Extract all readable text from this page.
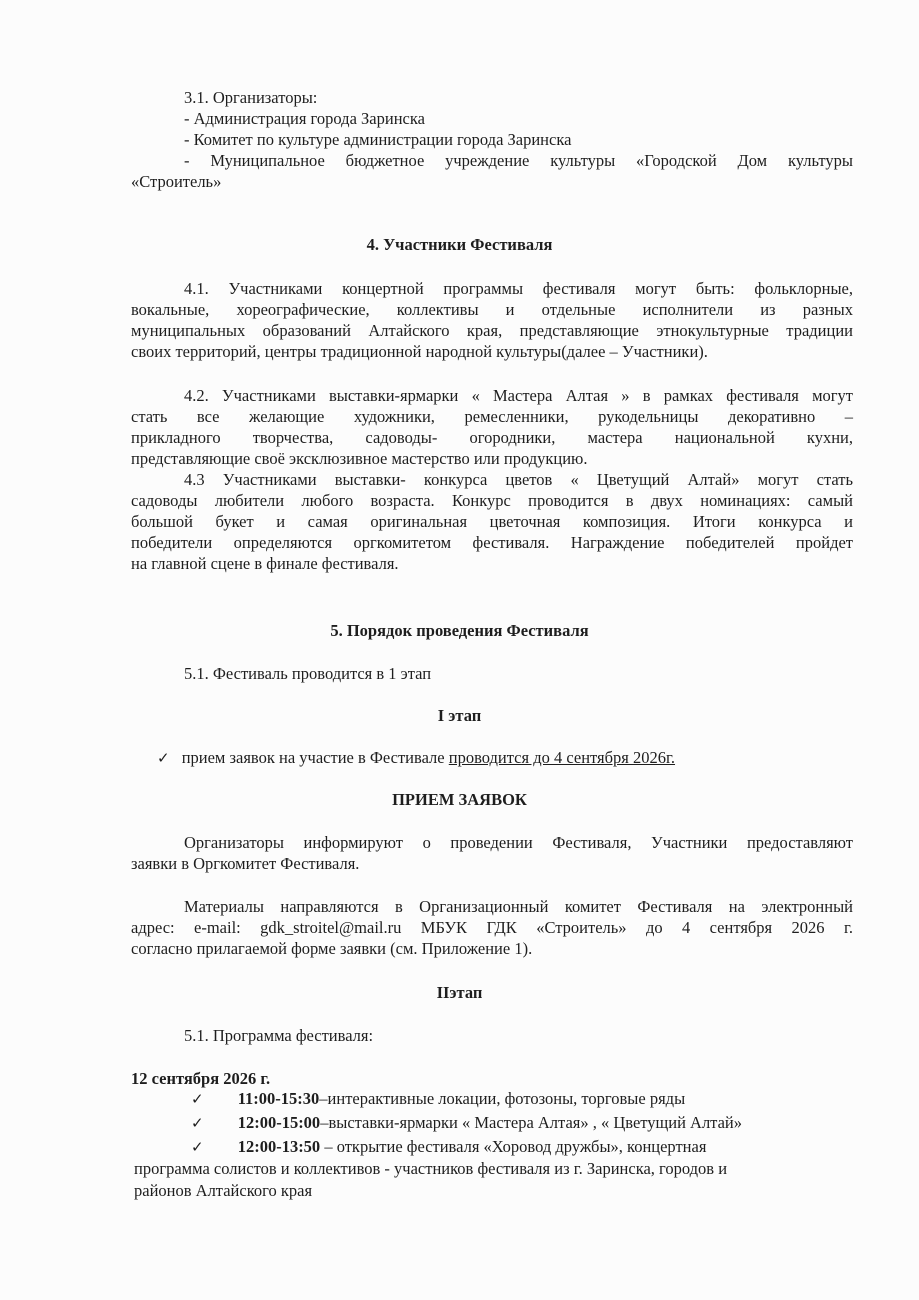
3.1. Организаторы:
- Администрация города Заринска
- Комитет по культуре администрации города Заринска
- Муниципальное бюджетное учреждение культуры «Городской Дом культуры
«Строитель»
4. Участники Фестиваля
4.1. Участниками концертной программы фестиваля могут быть: фольклорные,
вокальные, хореографические, коллективы и отдельные исполнители из разных
муниципальных образований Алтайского края, представляющие этнокультурные традиции
своих территорий, центры традиционной народной культуры(далее – Участники).
4.2. Участниками выставки-ярмарки « Мастера Алтая » в рамках фестиваля могут
стать все желающие художники, ремесленники, рукодельницы декоративно –
прикладного творчества, садоводы- огородники, мастера национальной кухни,
представляющие своё эксклюзивное мастерство или продукцию.
4.3 Участниками выставки- конкурса цветов « Цветущий Алтай» могут стать
садоводы любители любого возраста. Конкурс проводится в двух номинациях: самый
большой букет и самая оригинальная цветочная композиция. Итоги конкурса и
победители определяются оргкомитетом фестиваля. Награждение победителей пройдет
на главной сцене в финале фестиваля.
5. Порядок проведения Фестиваля
5.1. Фестиваль проводится в 1 этап
I этап
✓ прием заявок на участие в Фестивале проводится до 4 сентября 2026г.
ПРИЕМ ЗАЯВОК
Организаторы информируют о проведении Фестиваля, Участники предоставляют
заявки в Оргкомитет Фестиваля.
Материалы направляются в Организационный комитет Фестиваля на электронный
адрес: e-mail: gdk_stroitel@mail.ru МБУК ГДК «Строитель» до 4 сентября 2026 г.
согласно прилагаемой форме заявки (см. Приложение 1).
IIэтап
5.1. Программа фестиваля:
12 сентября 2026 г.
✓ 11:00-15:30–интерактивные локации, фотозоны, торговые ряды
✓ 12:00-15:00–выставки-ярмарки « Мастера Алтая» , « Цветущий Алтай»
✓ 12:00-13:50 – открытие фестиваля «Хоровод дружбы», концертная
программа солистов и коллективов - участников фестиваля из г. Заринска, городов и
районов Алтайского края
